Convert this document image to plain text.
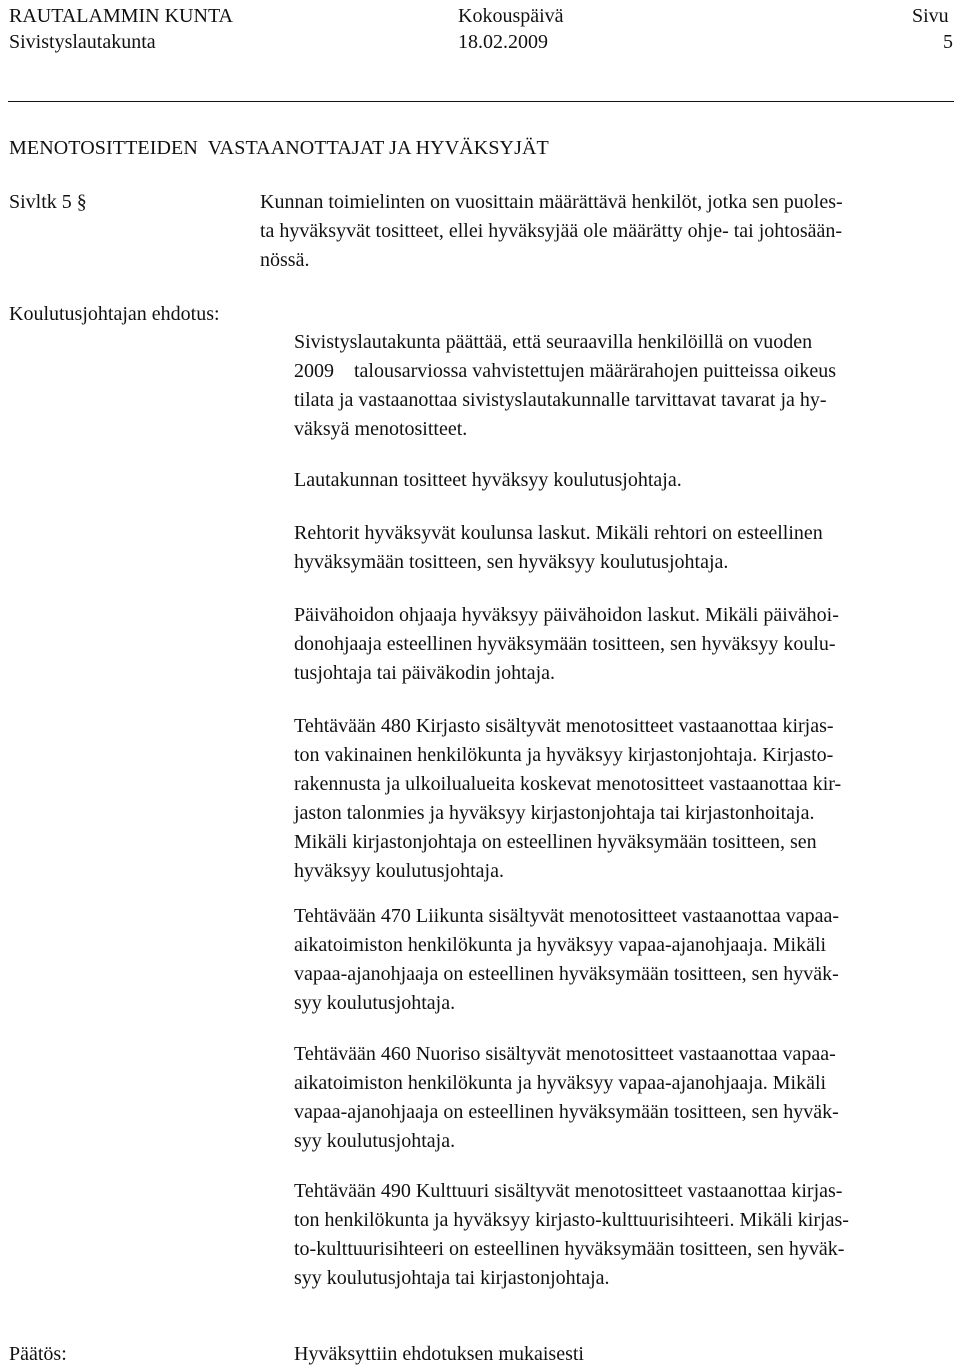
RAUTALAMMIN KUNTA	Kokouspäivä	Sivu
Sivistyslautakunta	18.02.2009	5
MENOTOSITTEIDEN  VASTAANOTTAJAT JA HYVÄKSYJÄT
Sivltk 5 §	Kunnan toimielinten on vuosittain määrättävä henkilöt, jotka sen puoles-
ta hyväksyvät tositteet, ellei hyväksyjää ole määrätty ohje- tai johtosään-
nössä.
Koulutusjohtajan ehdotus:
Sivistyslautakunta päättää, että seuraavilla henkilöillä on vuoden
2009    talousarviossa vahvistettujen määrärahojen puitteissa oikeus
tilata ja vastaanottaa sivistyslautakunnalle tarvittavat tavarat ja hy-
väksyä menotositteet.
Lautakunnan tositteet hyväksyy koulutusjohtaja.
Rehtorit hyväksyvät koulunsa laskut. Mikäli rehtori on esteellinen
hyväksymään tositteen, sen hyväksyy koulutusjohtaja.
Päivähoidon ohjaaja hyväksyy päivähoidon laskut. Mikäli päivähoi-
donohjaaja esteellinen hyväksymään tositteen, sen hyväksyy koulu-
tusjohtaja tai päiväkodin johtaja.
Tehtävään 480 Kirjasto sisältyvät menotositteet vastaanottaa kirjas-
ton vakinainen henkilökunta ja hyväksyy kirjastonjohtaja. Kirjasto-
rakennusta ja ulkoilualueita koskevat menotositteet vastaanottaa kir-
jaston talonmies ja hyväksyy kirjastonjohtaja tai kirjastonhoitaja.
Mikäli kirjastonjohtaja on esteellinen hyväksymään tositteen, sen
hyväksyy koulutusjohtaja.
Tehtävään 470 Liikunta sisältyvät menotositteet vastaanottaa vapaa-
aikatoimiston henkilökunta ja hyväksyy vapaa-ajanohjaaja. Mikäli
vapaa-ajanohjaaja on esteellinen hyväksymään tositteen, sen hyväk-
syy koulutusjohtaja.
Tehtävään 460 Nuoriso sisältyvät menotositteet vastaanottaa vapaa-
aikatoimiston henkilökunta ja hyväksyy vapaa-ajanohjaaja. Mikäli
vapaa-ajanohjaaja on esteellinen hyväksymään tositteen, sen hyväk-
syy koulutusjohtaja.
Tehtävään 490 Kulttuuri sisältyvät menotositteet vastaanottaa kirjas-
ton henkilökunta ja hyväksyy kirjasto-kulttuurisihteeri. Mikäli kirjas-
to-kulttuurisihteeri on esteellinen hyväksymään tositteen, sen hyväk-
syy koulutusjohtaja tai kirjastonjohtaja.
Päätös:	Hyväksyttiin ehdotuksen mukaisesti
